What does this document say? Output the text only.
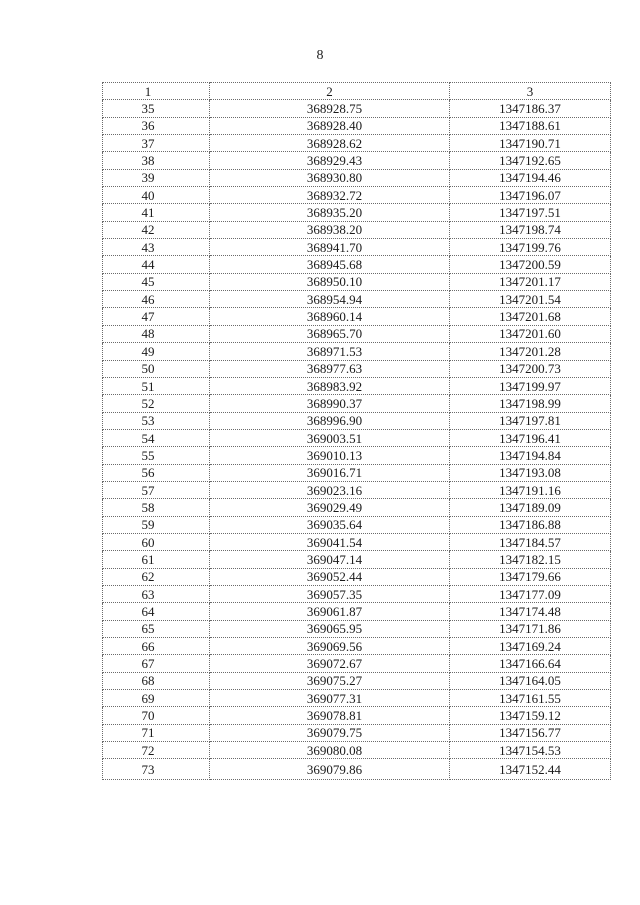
8
1	2	3
35	368928.75	1347186.37
36	368928.40	1347188.61
37	368928.62	1347190.71
38	368929.43	1347192.65
39	368930.80	1347194.46
40	368932.72	1347196.07
41	368935.20	1347197.51
42	368938.20	1347198.74
43	368941.70	1347199.76
44	368945.68	1347200.59
45	368950.10	1347201.17
46	368954.94	1347201.54
47	368960.14	1347201.68
48	368965.70	1347201.60
49	368971.53	1347201.28
50	368977.63	1347200.73
51	368983.92	1347199.97
52	368990.37	1347198.99
53	368996.90	1347197.81
54	369003.51	1347196.41
55	369010.13	1347194.84
56	369016.71	1347193.08
57	369023.16	1347191.16
58	369029.49	1347189.09
59	369035.64	1347186.88
60	369041.54	1347184.57
61	369047.14	1347182.15
62	369052.44	1347179.66
63	369057.35	1347177.09
64	369061.87	1347174.48
65	369065.95	1347171.86
66	369069.56	1347169.24
67	369072.67	1347166.64
68	369075.27	1347164.05
69	369077.31	1347161.55
70	369078.81	1347159.12
71	369079.75	1347156.77
72	369080.08	1347154.53
73	369079.86	1347152.44
